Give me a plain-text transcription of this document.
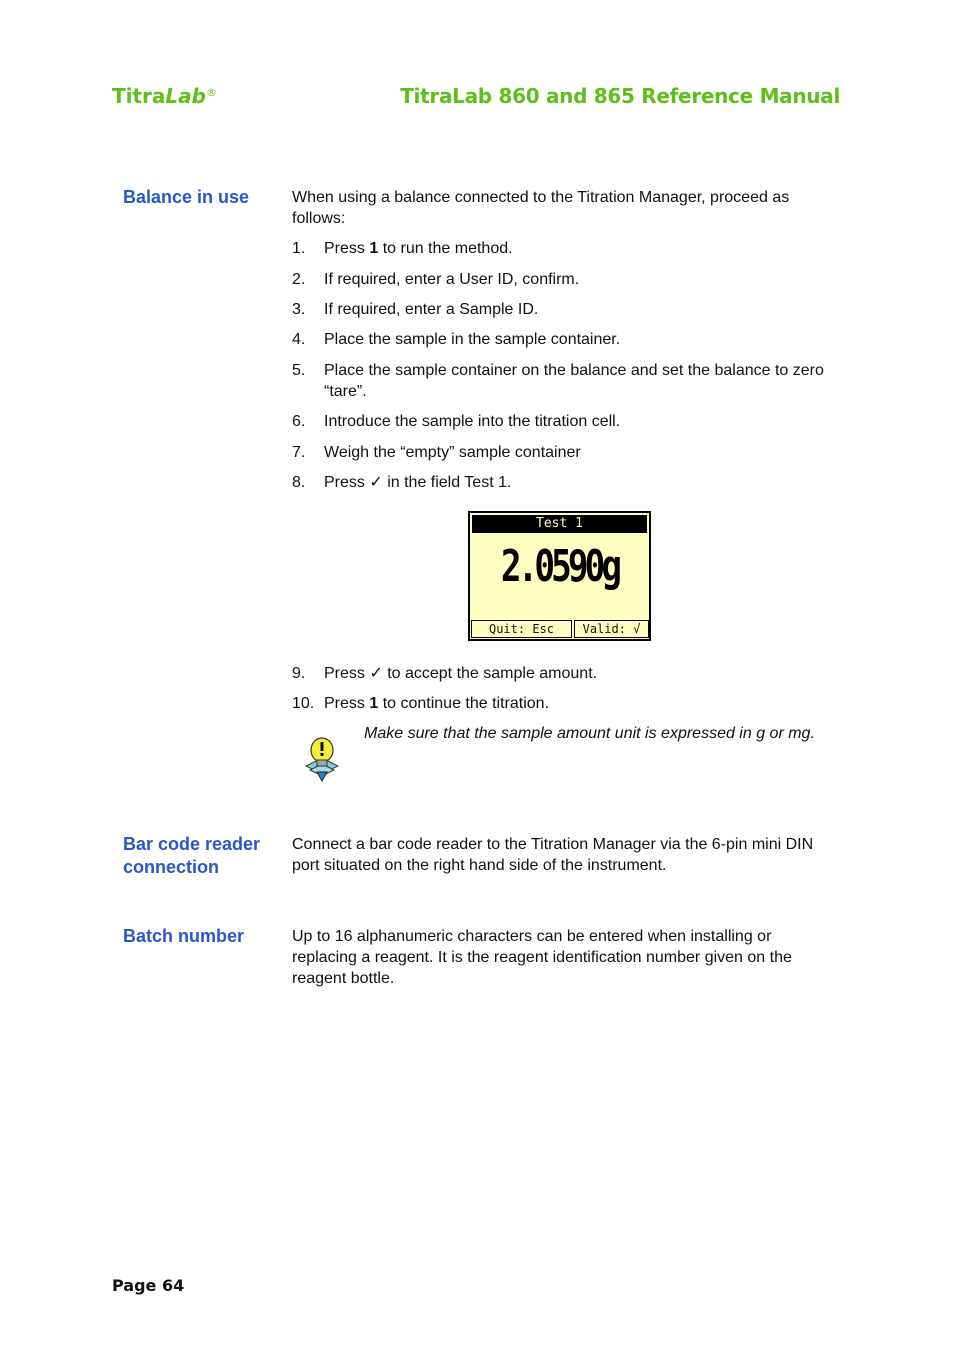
TitraLab®	TitraLab 860 and 865 Reference Manual
Balance in use	When using a balance connected to the Titration Manager, proceed as follows:
1. Press 1 to run the method.
2. If required, enter a User ID, confirm.
3. If required, enter a Sample ID.
4. Place the sample in the sample container.
5. Place the sample container on the balance and set the balance to zero “tare”.
6. Introduce the sample into the titration cell.
7. Weigh the “empty” sample container
8. Press ✓ in the field Test 1.
Test 1
2.0590g
Quit: Esc	Valid: √
9. Press ✓ to accept the sample amount.
10. Press 1 to continue the titration.
Make sure that the sample amount unit is expressed in g or mg.
Bar code reader connection
Connect a bar code reader to the Titration Manager via the 6-pin mini DIN port situated on the right hand side of the instrument.
Batch number	Up to 16 alphanumeric characters can be entered when installing or replacing a reagent. It is the reagent identification number given on the reagent bottle.
Page 64
